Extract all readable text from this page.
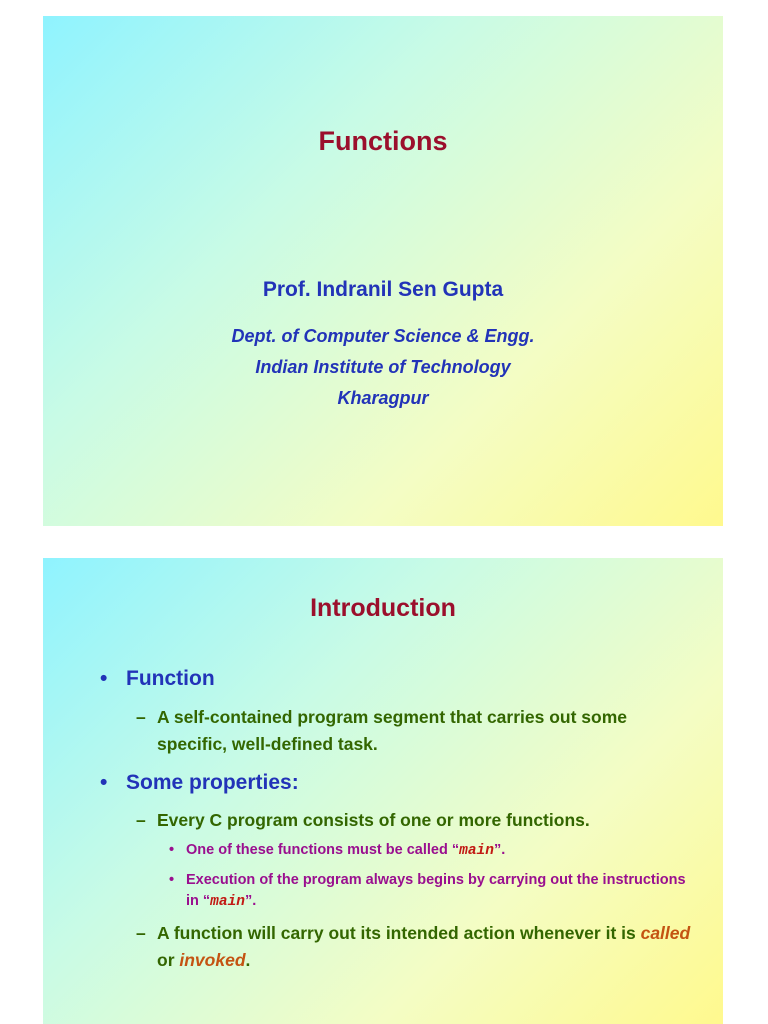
Functions
Prof. Indranil Sen Gupta
Dept. of Computer Science & Engg.
Indian Institute of Technology
Kharagpur
Introduction
• Function
– A self-contained program segment that carries out some specific, well-defined task.
• Some properties:
– Every C program consists of one or more functions.
• One of these functions must be called “main”.
• Execution of the program always begins by carrying out the instructions in “main”.
– A function will carry out its intended action whenever it is called or invoked.
